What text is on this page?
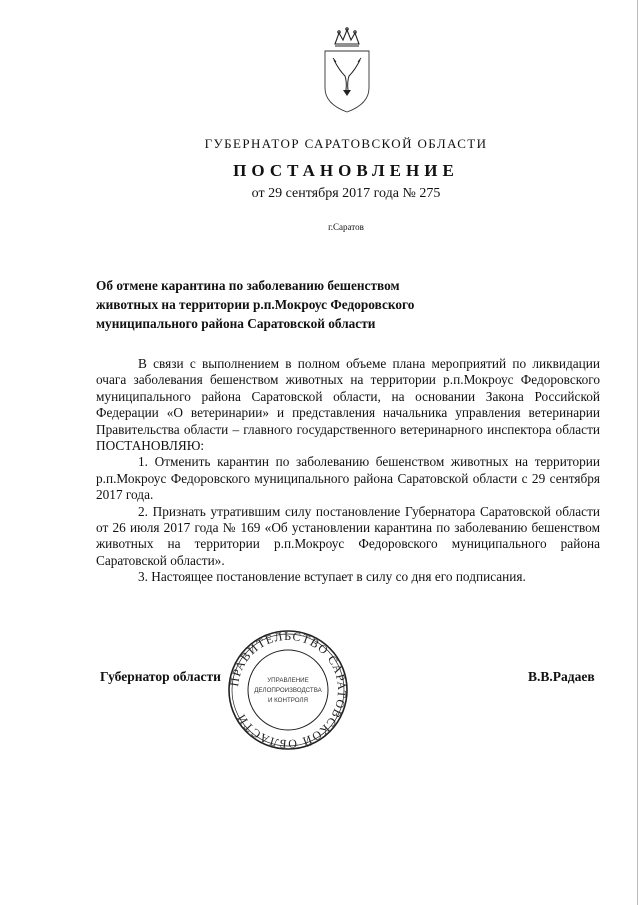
ГУБЕРНАТОР САРАТОВСКОЙ ОБЛАСТИ
ПОСТАНОВЛЕНИЕ
от 29 сентября 2017 года № 275
г.Саратов
Об отмене карантина по заболеванию бешенством
животных на территории р.п.Мокроус Федоровского
муниципального района Саратовской области

В связи с выполнением в полном объеме плана мероприятий по ликвидации очага заболевания бешенством животных на территории р.п.Мокроус Федоровского муниципального района Саратовской области, на основании Закона Российской Федерации «О ветеринарии» и представления начальника управления ветеринарии Правительства области – главного государственного ветеринарного инспектора области ПОСТАНОВЛЯЮ:

1. Отменить карантин по заболеванию бешенством животных на территории р.п.Мокроус Федоровского муниципального района Саратовской области с 29 сентября 2017 года.

2. Признать утратившим силу постановление Губернатора Саратовской области от 26 июля 2017 года № 169 «Об установлении карантина по заболеванию бешенством животных на территории р.п.Мокроус Федоровского муниципального района Саратовской области».

3. Настоящее постановление вступает в силу со дня его подписания.

Губернатор области	В.В.Радаев
ПРАВИТЕЛЬСТВО САРАТОВСКОЙ ОБЛАСТИ
УПРАВЛЕНИЕ
ДЕЛОПРОИЗВОДСТВА
И КОНТРОЛЯ
